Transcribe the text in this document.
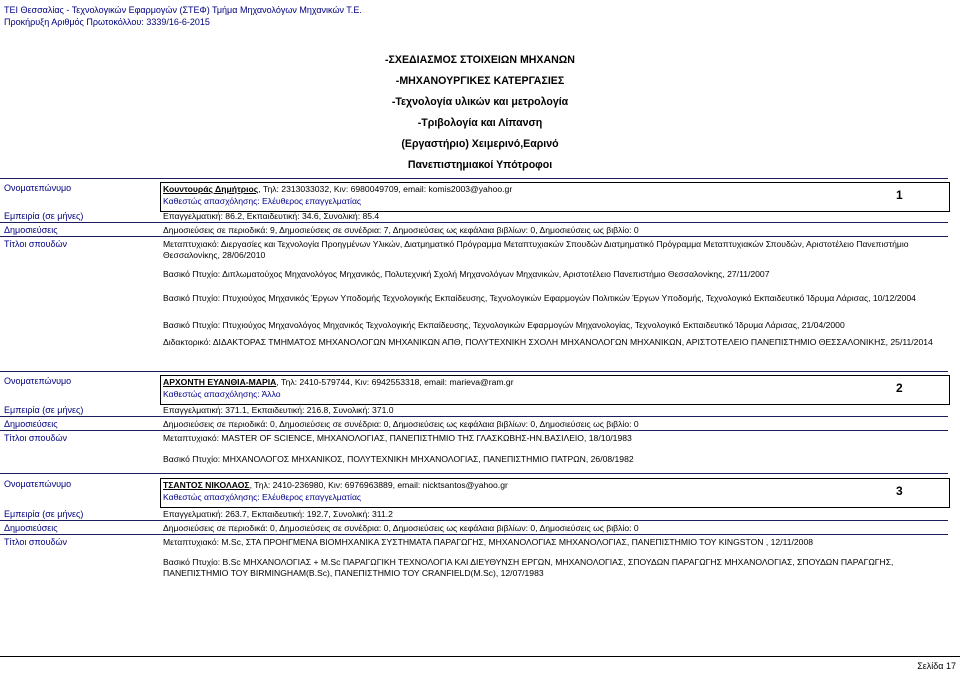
ΤΕΙ Θεσσαλίας - Τεχνολογικών Εφαρμογών (ΣΤΕΦ) Τμήμα Μηχανολόγων Μηχανικών Τ.Ε.
Προκήρυξη Αριθμός Πρωτοκόλλου: 3339/16-6-2015
-ΣΧΕΔΙΑΣΜΟΣ ΣΤΟΙΧΕΙΩΝ ΜΗΧΑΝΩΝ
-ΜΗΧΑΝΟΥΡΓΙΚΕΣ ΚΑΤΕΡΓΑΣΙΕΣ
-Τεχνολογία υλικών και μετρολογία
-Τριβολογία και Λίπανση
(Εργαστήριο) Χειμερινό,Εαρινό
Πανεπιστημιακοί Υπότροφοι
Ονοματεπώνυμο	Κουντουράς Δημήτριος, Τηλ: 2313033032, Κιν: 6980049709, email: komis2003@yahoo.gr
Καθεστώς απασχόλησης: Ελέυθερος επαγγελματίας	1
Εμπειρία (σε μήνες)	Επαγγελματική: 86.2, Εκπαιδευτική: 34.6, Συνολική: 85.4
Δημοσιεύσεις	Δημοσιεύσεις σε περιοδικά: 9, Δημοσιεύσεις σε συνέδρια: 7, Δημοσιεύσεις ως κεφάλαια βιβλίων: 0, Δημοσιεύσεις ως βιβλίο: 0
Τίτλοι σπουδών	Μεταπτυχιακό: Διεργασίες και Τεχνολογία Προηγμένων Υλικών, Διατμηματικό Πρόγραμμα Μεταπτυχιακών Σπουδών Διατμηματικό Πρόγραμμα Μεταπτυχιακών Σπουδών, Αριστοτέλειο Πανεπιστήμιο Θεσσαλονίκης, 28/06/2010
Βασικό Πτυχίο: Διπλωματούχος Μηχανολόγος Μηχανικός, Πολυτεχνική Σχολή Μηχανολόγων Μηχανικών, Αριστοτέλειο Πανεπιστήμιο Θεσσαλονίκης, 27/11/2007
Βασικό Πτυχίο: Πτυχιούχος Μηχανικός Έργων Υποδομής Τεχνολογικής Εκπαίδευσης, Τεχνολογικών Εφαρμογών Πολιτικών Έργων Υποδομής, Τεχνολογικό Εκπαιδευτικό Ίδρυμα Λάρισας, 10/12/2004
Βασικό Πτυχίο: Πτυχιούχος Μηχανολόγος Μηχανικός Τεχνολογικής Εκπαίδευσης, Τεχνολογικών Εφαρμογών Μηχανολογίας, Τεχνολογικό Εκπαιδευτικό Ίδρυμα Λάρισας, 21/04/2000
Διδακτορικό: ΔΙΔΑΚΤΟΡΑΣ ΤΜΗΜΑΤΟΣ ΜΗΧΑΝΟΛΟΓΩΝ ΜΗΧΑΝΙΚΩΝ ΑΠΘ, ΠΟΛΥΤΕΧΝΙΚΗ ΣΧΟΛΗ ΜΗΧΑΝΟΛΟΓΩΝ ΜΗΧΑΝΙΚΩΝ, ΑΡΙΣΤΟΤΕΛΕΙΟ ΠΑΝΕΠΙΣΤΗΜΙΟ ΘΕΣΣΑΛΟΝΙΚΗΣ, 25/11/2014
Ονοματεπώνυμο	ΑΡΧΟΝΤΗ ΕΥΑΝΘΙΑ-ΜΑΡΙΑ, Τηλ: 2410-579744, Κιν: 6942553318, email: marieva@ram.gr
Καθεστώς απασχόλησης: Άλλο	2
Εμπειρία (σε μήνες)	Επαγγελματική: 371.1, Εκπαιδευτική: 216.8, Συνολική: 371.0
Δημοσιεύσεις	Δημοσιεύσεις σε περιοδικά: 0, Δημοσιεύσεις σε συνέδρια: 0, Δημοσιεύσεις ως κεφάλαια βιβλίων: 0, Δημοσιεύσεις ως βιβλίο: 0
Τίτλοι σπουδών	Μεταπτυχιακό: MASTER OF SCIENCE, ΜΗΧΑΝΟΛΟΓΙΑΣ, ΠΑΝΕΠΙΣΤΗΜΙΟ ΤΗΣ ΓΛΑΣΚΩΒΗΣ-ΗΝ.ΒΑΣΙΛΕΙΟ, 18/10/1983
Βασικό Πτυχίο: ΜΗΧΑΝΟΛΟΓΟΣ ΜΗΧΑΝΙΚΟΣ, ΠΟΛΥΤΕΧΝΙΚΗ ΜΗΧΑΝΟΛΟΓΙΑΣ, ΠΑΝΕΠΙΣΤΗΜΙΟ ΠΑΤΡΩΝ, 26/08/1982
Ονοματεπώνυμο	ΤΣΑΝΤΟΣ ΝΙΚΟΛΑΟΣ, Τηλ: 2410-236980, Κιν: 6976963889, email: nicktsantos@yahoo.gr
Καθεστώς απασχόλησης: Ελέυθερος επαγγελματίας	3
Εμπειρία (σε μήνες)	Επαγγελματική: 263.7, Εκπαιδευτική: 192.7, Συνολική: 311.2
Δημοσιεύσεις	Δημοσιεύσεις σε περιοδικά: 0, Δημοσιεύσεις σε συνέδρια: 0, Δημοσιεύσεις ως κεφάλαια βιβλίων: 0, Δημοσιεύσεις ως βιβλίο: 0
Τίτλοι σπουδών	Μεταπτυχιακό: M.Sc, ΣΤΑ ΠΡΟΗΓΜΕΝΑ ΒΙΟΜΗΧΑΝΙΚΑ ΣΥΣΤΗΜΑΤΑ ΠΑΡΑΓΩΓΗΣ, ΜΗΧΑΝΟΛΟΓΙΑΣ ΜΗΧΑΝΟΛΟΓΙΑΣ, ΠΑΝΕΠΙΣΤΗΜΙΟ ΤΟΥ KINGSTON , 12/11/2008
Βασικό Πτυχίο: B.Sc ΜΗΧΑΝΟΛΟΓΙΑΣ + M.Sc ΠΑΡΑΓΩΓΙΚΗ ΤΕΧΝΟΛΟΓΙΑ ΚΑΙ ΔΙΕΥΘΥΝΣΗ ΕΡΓΩΝ, ΜΗΧΑΝΟΛΟΓΙΑΣ, ΣΠΟΥΔΩΝ ΠΑΡΑΓΩΓΗΣ ΜΗΧΑΝΟΛΟΓΙΑΣ, ΣΠΟΥΔΩΝ ΠΑΡΑΓΩΓΗΣ, ΠΑΝΕΠΙΣΤΗΜΙΟ ΤΟΥ BIRMINGHAM(B.Sc), ΠΑΝΕΠΙΣΤΗΜΙΟ ΤΟΥ CRANFIELD(M.Sc), 12/07/1983
Σελίδα 17
